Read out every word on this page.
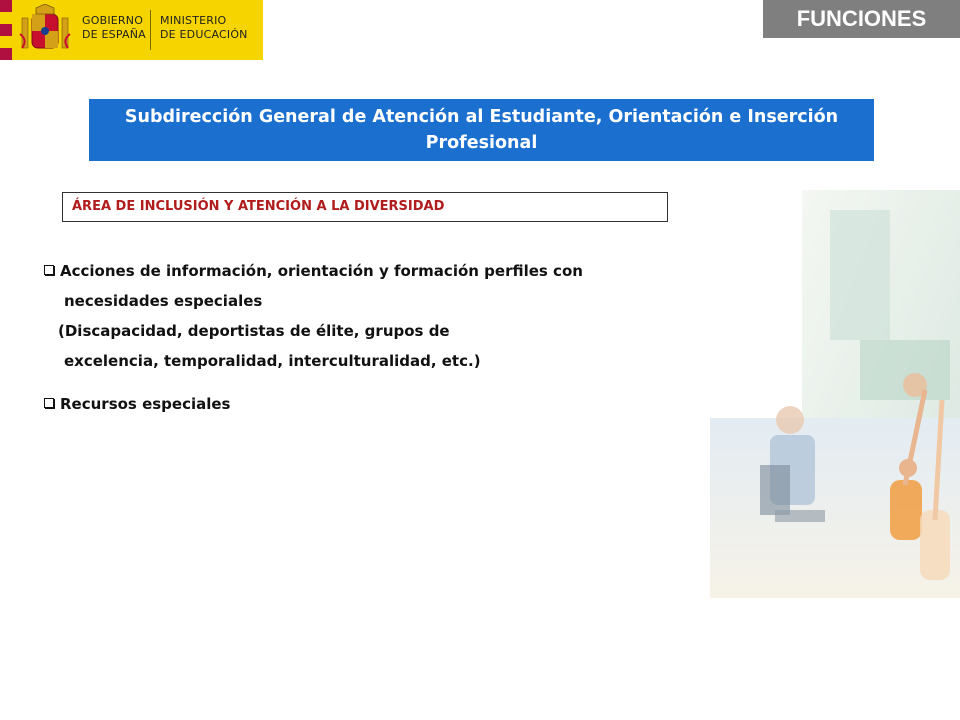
GOBIERNO
DE ESPAÑA
MINISTERIO
DE EDUCACIÓN
FUNCIONES
Subdirección General de Atención al Estudiante, Orientación e Inserción Profesional
ÁREA DE INCLUSIÓN Y ATENCIÓN A LA DIVERSIDAD
Acciones de información, orientación y formación perfiles con
necesidades especiales
(Discapacidad, deportistas de élite, grupos de
excelencia, temporalidad, interculturalidad, etc.)
Recursos especiales
